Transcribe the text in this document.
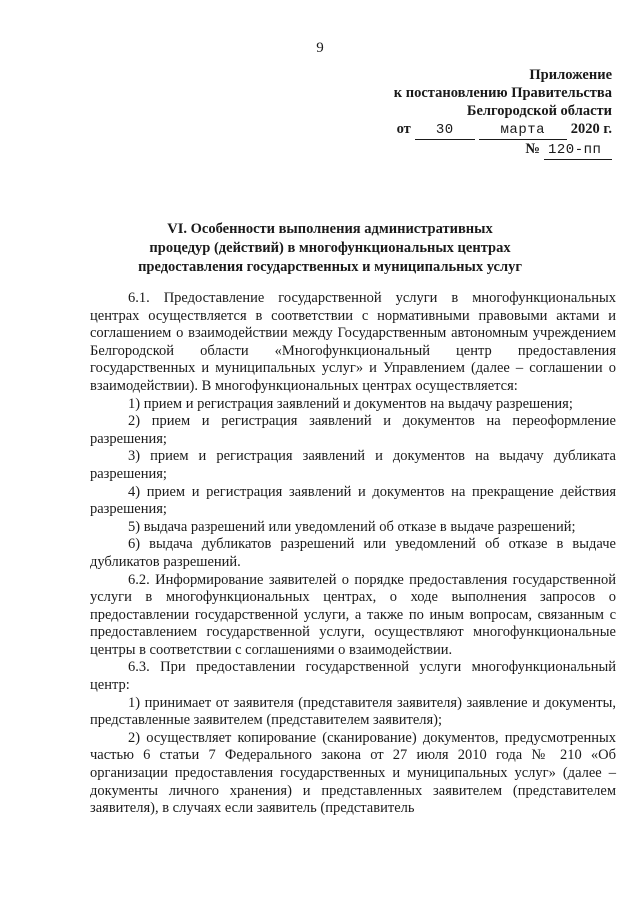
9
Приложение
к постановлению Правительства
Белгородской области
от	30	марта	2020 г.
№ 120-пп
VI. Особенности выполнения административных
процедур (действий) в многофункциональных центрах
предоставления государственных и муниципальных услуг

6.1. Предоставление государственной услуги в многофункциональных центрах осуществляется в соответствии с нормативными правовыми актами и соглашением о взаимодействии между Государственным автономным учреждением Белгородской области «Многофункциональный центр предоставления государственных и муниципальных услуг» и Управлением (далее – соглашении о взаимодействии). В многофункциональных центрах осуществляется:

1) прием и регистрация заявлений и документов на выдачу разрешения;

2) прием и регистрация заявлений и документов на переоформление разрешения;

3) прием и регистрация заявлений и документов на выдачу дубликата разрешения;

4) прием и регистрация заявлений и документов на прекращение действия разрешения;

5) выдача разрешений или уведомлений об отказе в выдаче разрешений;

6) выдача дубликатов разрешений или уведомлений об отказе в выдаче дубликатов разрешений.

6.2. Информирование заявителей о порядке предоставления государственной услуги в многофункциональных центрах, о ходе выполнения запросов о предоставлении государственной услуги, а также по иным вопросам, связанным с предоставлением государственной услуги, осуществляют многофункциональные центры в соответствии с соглашениями о взаимодействии.

6.3. При предоставлении государственной услуги многофункциональный центр:

1) принимает от заявителя (представителя заявителя) заявление и документы, представленные заявителем (представителем заявителя);

2) осуществляет копирование (сканирование) документов, предусмотренных частью 6 статьи 7 Федерального закона от 27 июля 2010 года № 210 «Об организации предоставления государственных и муниципальных услуг» (далее – документы личного хранения) и представленных заявителем (представителем заявителя), в случаях если заявитель (представитель
